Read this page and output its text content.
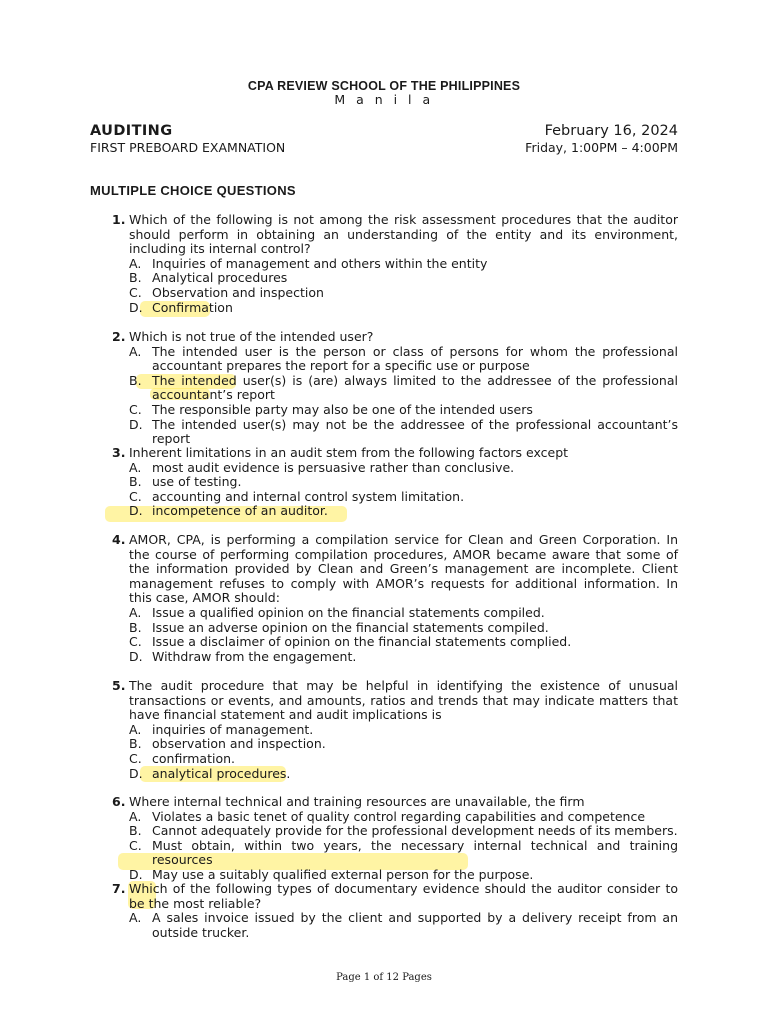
CPA REVIEW SCHOOL OF THE PHILIPPINES
M a n i l a
AUDITING
FIRST PREBOARD EXAMNATION
February 16, 2024
Friday, 1:00PM – 4:00PM
MULTIPLE CHOICE QUESTIONS
1. Which of the following is not among the risk assessment procedures that the auditor should perform in obtaining an understanding of the entity and its environment, including its internal control?
A. Inquiries of management and others within the entity
B. Analytical procedures
C. Observation and inspection
D. Confirmation
2. Which is not true of the intended user?
A. The intended user is the person or class of persons for whom the professional accountant prepares the report for a specific use or purpose
B. The intended user(s) is (are) always limited to the addressee of the professional accountant’s report
C. The responsible party may also be one of the intended users
D. The intended user(s) may not be the addressee of the professional accountant’s report
3. Inherent limitations in an audit stem from the following factors except
A. most audit evidence is persuasive rather than conclusive.
B. use of testing.
C. accounting and internal control system limitation.
D. incompetence of an auditor.
4. AMOR, CPA, is performing a compilation service for Clean and Green Corporation. In the course of performing compilation procedures, AMOR became aware that some of the information provided by Clean and Green’s management are incomplete. Client management refuses to comply with AMOR’s requests for additional information. In this case, AMOR should:
A. Issue a qualified opinion on the financial statements compiled.
B. Issue an adverse opinion on the financial statements compiled.
C. Issue a disclaimer of opinion on the financial statements complied.
D. Withdraw from the engagement.
5. The audit procedure that may be helpful in identifying the existence of unusual transactions or events, and amounts, ratios and trends that may indicate matters that have financial statement and audit implications is
A. inquiries of management.
B. observation and inspection.
C. confirmation.
D. analytical procedures.
6. Where internal technical and training resources are unavailable, the firm
A. Violates a basic tenet of quality control regarding capabilities and competence
B. Cannot adequately provide for the professional development needs of its members.
C. Must obtain, within two years, the necessary internal technical and training resources
D. May use a suitably qualified external person for the purpose.
7. Which of the following types of documentary evidence should the auditor consider to be the most reliable?
A. A sales invoice issued by the client and supported by a delivery receipt from an outside trucker.
Page 1 of 12 Pages
